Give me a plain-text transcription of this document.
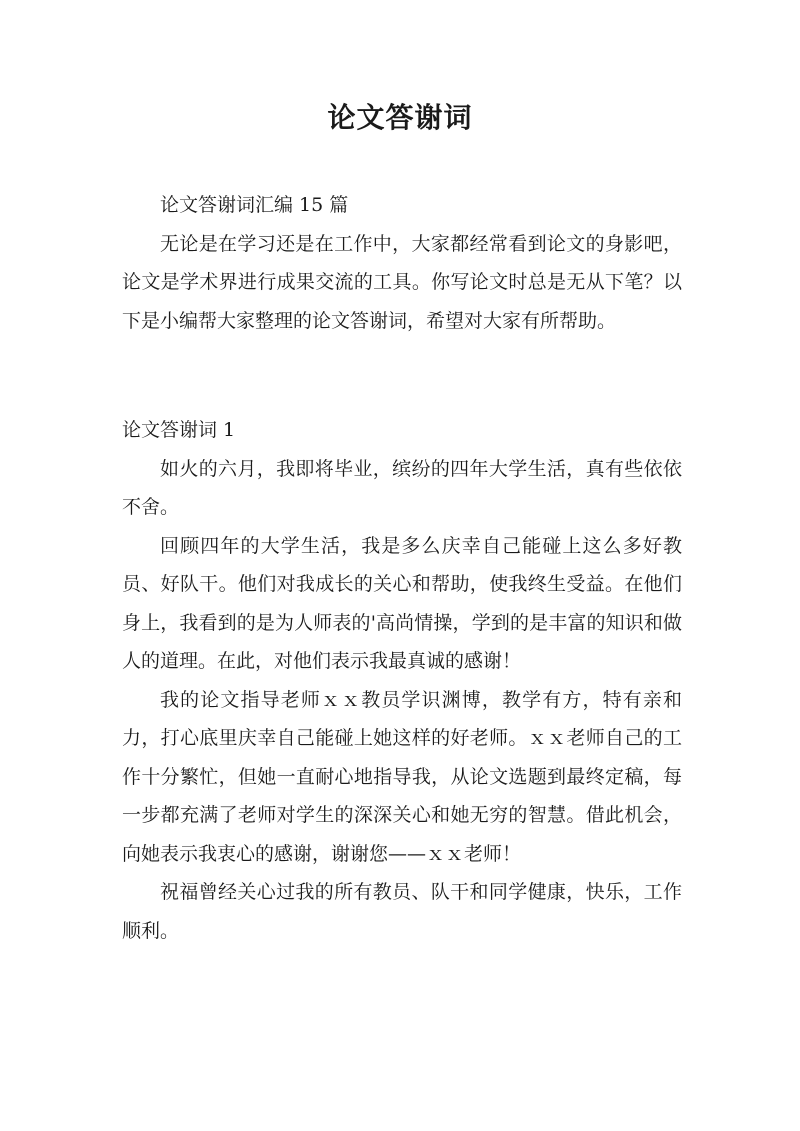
论文答谢词

论文答谢词汇编 15 篇

无论是在学习还是在工作中，大家都经常看到论文的身影吧，论文是学术界进行成果交流的工具。你写论文时总是无从下笔？以下是小编帮大家整理的论文答谢词，希望对大家有所帮助。

论文答谢词 1

如火的六月，我即将毕业，缤纷的四年大学生活，真有些依依不舍。

回顾四年的大学生活，我是多么庆幸自己能碰上这么多好教员、好队干。他们对我成长的关心和帮助，使我终生受益。在他们身上，我看到的是为人师表的'高尚情操，学到的是丰富的知识和做人的道理。在此，对他们表示我最真诚的感谢！

我的论文指导老师ｘｘ教员学识渊博，教学有方，特有亲和力，打心底里庆幸自己能碰上她这样的好老师。ｘｘ老师自己的工作十分繁忙，但她一直耐心地指导我，从论文选题到最终定稿，每一步都充满了老师对学生的深深关心和她无穷的智慧。借此机会，向她表示我衷心的感谢，谢谢您——ｘｘ老师！

祝福曾经关心过我的所有教员、队干和同学健康，快乐，工作顺利。
